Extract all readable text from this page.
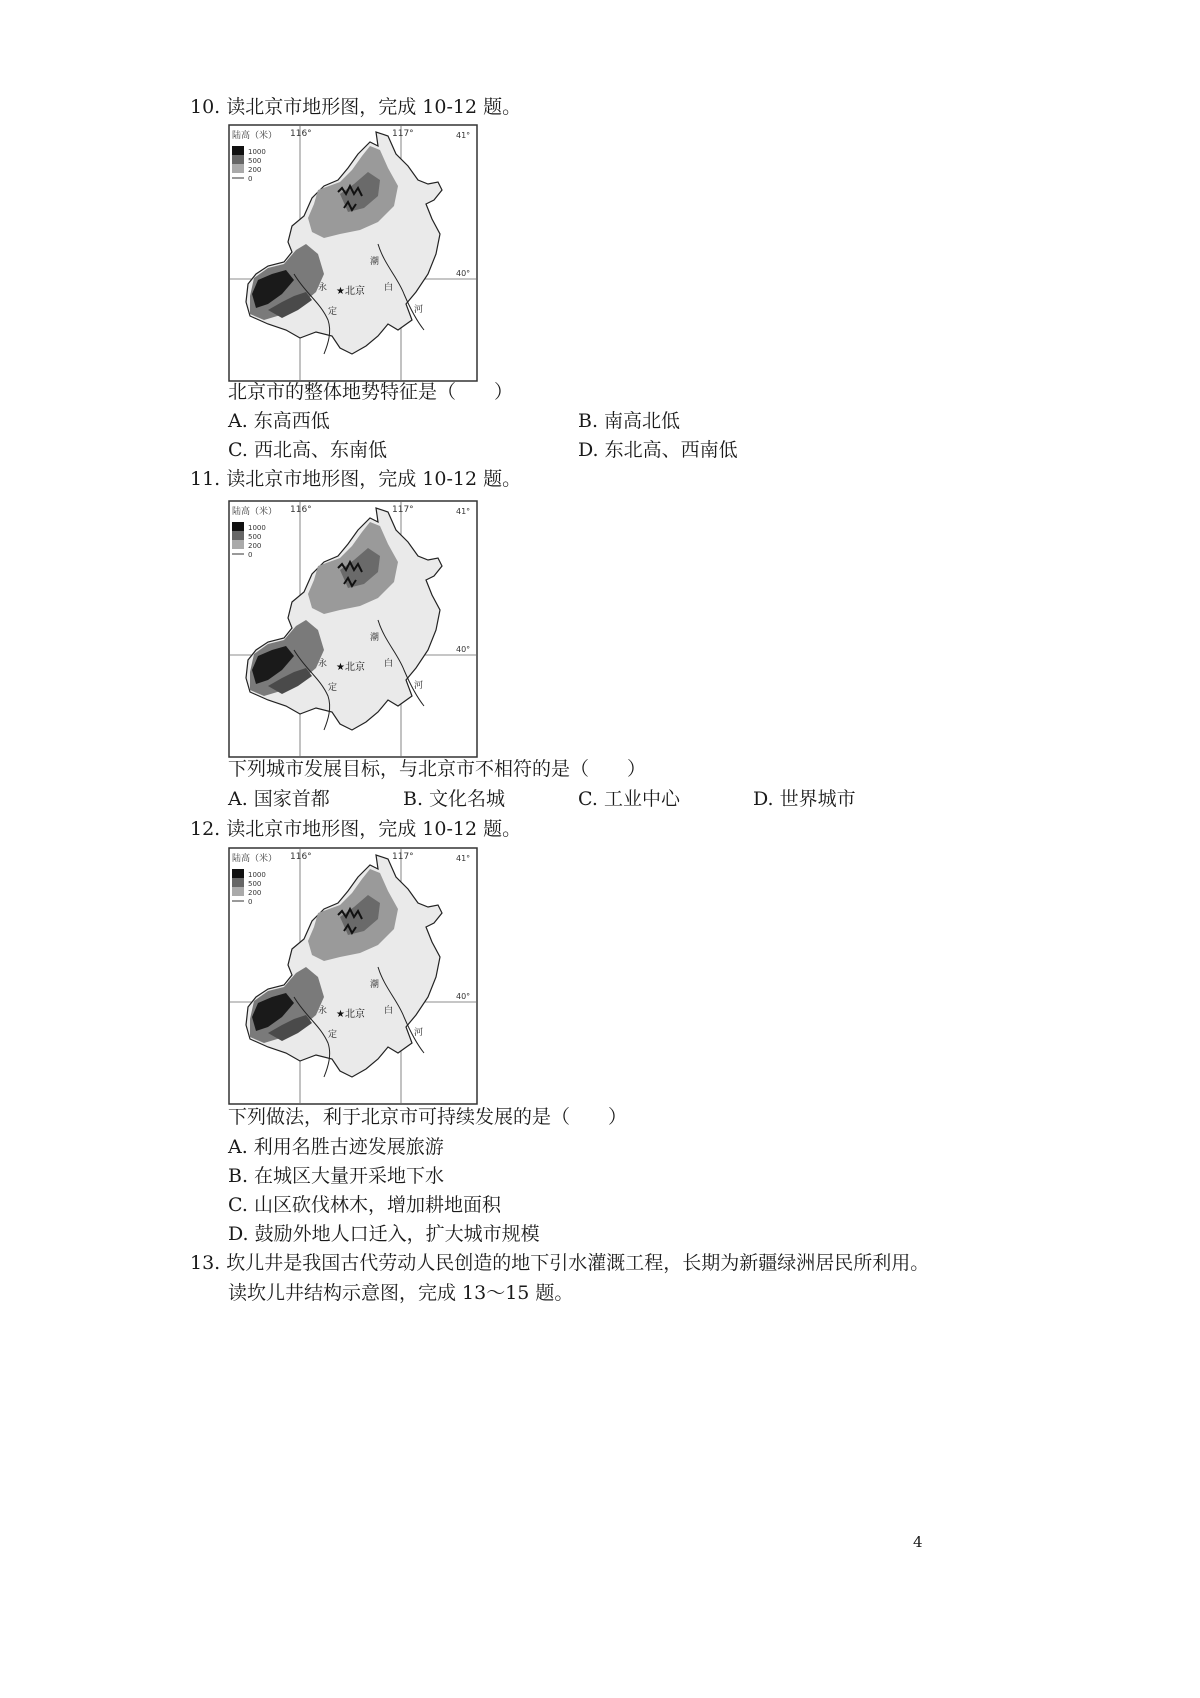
10. 读北京市地形图，完成 10-12 题。
陆高（米）
1000
500
200
0
116°	117°	41°
40°
★北京
永
定
白
潮
河
北京市的整体地势特征是（　　）
A. 东高西低	B. 南高北低
C. 西北高、东南低	D. 东北高、西南低
11. 读北京市地形图，完成 10-12 题。
陆高（米）
1000
500
200
0
116°	117°	41°
40°
★北京
永
定
白
潮
河
下列城市发展目标，与北京市不相符的是（　　）
A. 国家首都	B. 文化名城	C. 工业中心	D. 世界城市
12. 读北京市地形图，完成 10-12 题。
陆高（米）
1000
500
200
0
116°	117°	41°
40°
★北京
永
定
白
潮
河
下列做法，利于北京市可持续发展的是（　　）
A. 利用名胜古迹发展旅游
B. 在城区大量开采地下水
C. 山区砍伐林木，增加耕地面积
D. 鼓励外地人口迁入，扩大城市规模
13. 坎儿井是我国古代劳动人民创造的地下引水灌溉工程，长期为新疆绿洲居民所利用。
读坎儿井结构示意图，完成 13～15 题。
4
